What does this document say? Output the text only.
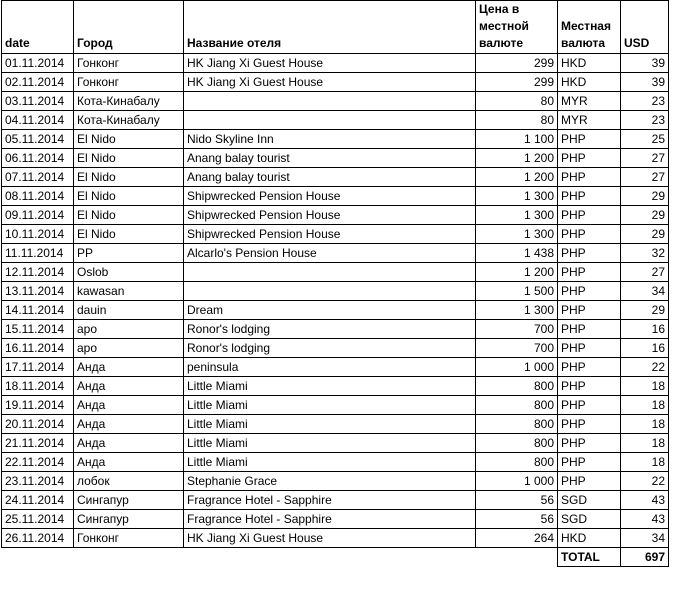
date	Город	Название отеля	Цена в местной валюте	Местная валюта	USD
01.11.2014	Гонконг	HK Jiang Xi Guest House	299	HKD	39
02.11.2014	Гонконг	HK Jiang Xi Guest House	299	HKD	39
03.11.2014	Кота-Кинабалу		80	MYR	23
04.11.2014	Кота-Кинабалу		80	MYR	23
05.11.2014	El Nido	Nido Skyline Inn	1 100	PHP	25
06.11.2014	El Nido	Anang balay tourist	1 200	PHP	27
07.11.2014	El Nido	Anang balay tourist	1 200	PHP	27
08.11.2014	El Nido	Shipwrecked Pension House	1 300	PHP	29
09.11.2014	El Nido	Shipwrecked Pension House	1 300	PHP	29
10.11.2014	El Nido	Shipwrecked Pension House	1 300	PHP	29
11.11.2014	PP	Alcarlo's Pension House	1 438	PHP	32
12.11.2014	Oslob		1 200	PHP	27
13.11.2014	kawasan		1 500	PHP	34
14.11.2014	dauin	Dream	1 300	PHP	29
15.11.2014	apo	Ronor's lodging	700	PHP	16
16.11.2014	apo	Ronor's lodging	700	PHP	16
17.11.2014	Анда	peninsula	1 000	PHP	22
18.11.2014	Анда	Little Miami	800	PHP	18
19.11.2014	Анда	Little Miami	800	PHP	18
20.11.2014	Анда	Little Miami	800	PHP	18
21.11.2014	Анда	Little Miami	800	PHP	18
22.11.2014	Анда	Little Miami	800	PHP	18
23.11.2014	лобок	Stephanie Grace	1 000	PHP	22
24.11.2014	Сингапур	Fragrance Hotel - Sapphire	56	SGD	43
25.11.2014	Сингапур	Fragrance Hotel - Sapphire	56	SGD	43
26.11.2014	Гонконг	HK Jiang Xi Guest House	264	HKD	34
				TOTAL	697
